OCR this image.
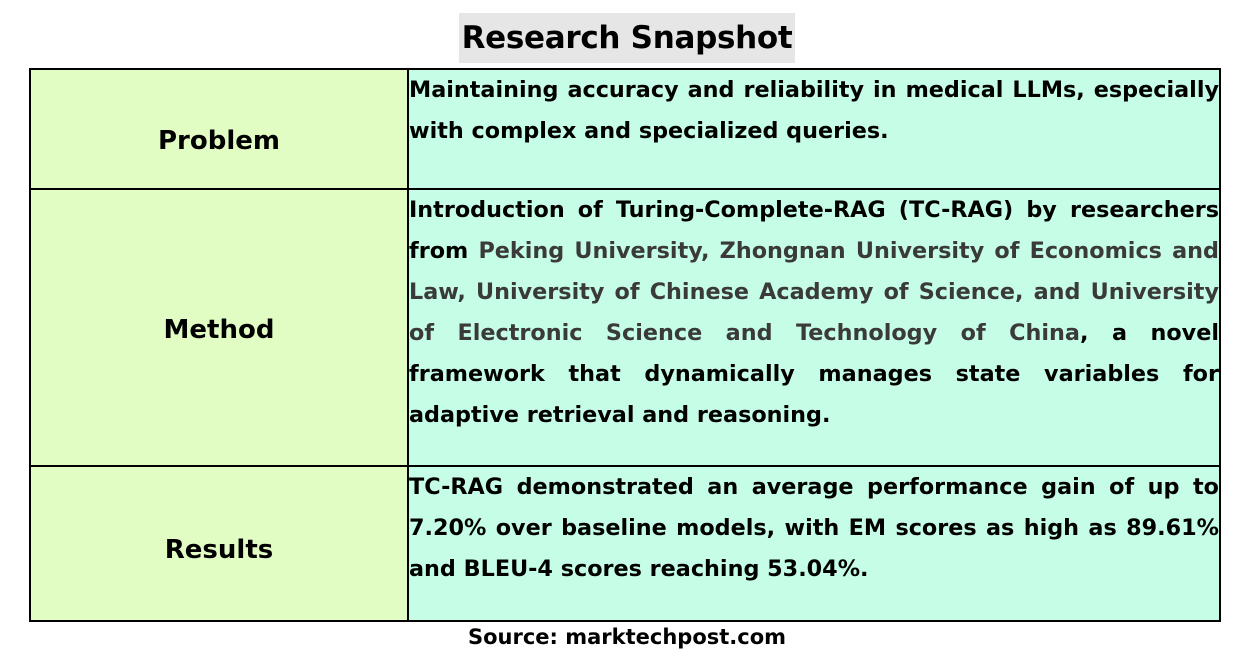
Research Snapshot
Problem	Maintaining accuracy and reliability in medical LLMs, especially with complex and specialized queries.
Method	Introduction of Turing-Complete-RAG (TC-RAG) by researchers from Peking University, Zhongnan University of Economics and Law, University of Chinese Academy of Science, and University of Electronic Science and Technology of China, a novel framework that dynamically manages state variables for adaptive retrieval and reasoning.
Results	TC-RAG demonstrated an average performance gain of up to 7.20% over baseline models, with EM scores as high as 89.61% and BLEU-4 scores reaching 53.04%.
Source: marktechpost.com
